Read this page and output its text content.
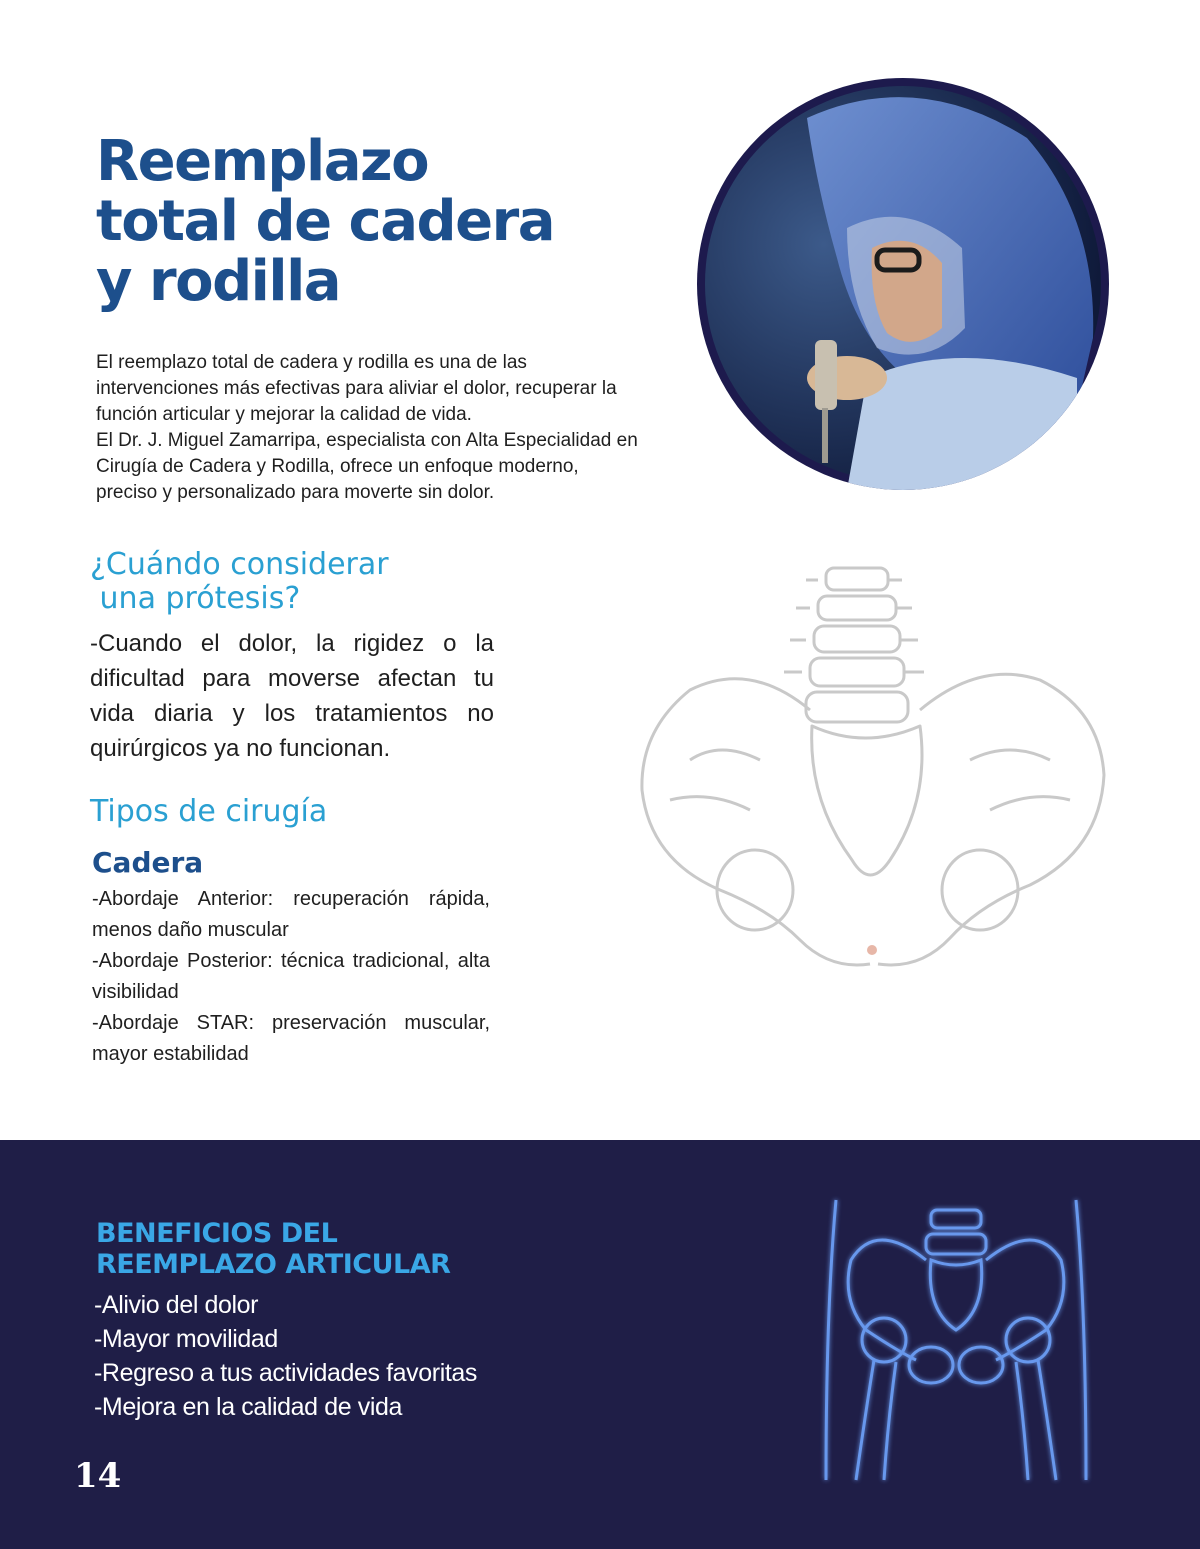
Reemplazo
total de cadera
y rodilla

El reemplazo total de cadera y rodilla es una de las intervenciones más efectivas para aliviar el dolor, recuperar la función articular y mejorar la calidad de vida.

El Dr. J. Miguel Zamarripa, especialista con Alta Especialidad en Cirugía de Cadera y Rodilla, ofrece un enfoque moderno, preciso y personalizado para moverte sin dolor.

¿Cuándo considerar
una prótesis?

-Cuando el dolor, la rigidez o la dificultad para moverse afectan tu vida diaria y los tratamientos no quirúrgicos ya no funcionan.

Tipos de cirugía
Cadera
-Abordaje Anterior: recuperación rápida, menos daño muscular
-Abordaje Posterior: técnica tradicional, alta visibilidad
-Abordaje STAR: preservación muscular, mayor estabilidad
BENEFICIOS DEL
REEMPLAZO ARTICULAR
-Alivio del dolor
-Mayor movilidad
-Regreso a tus actividades favoritas
-Mejora en la calidad de vida

14
